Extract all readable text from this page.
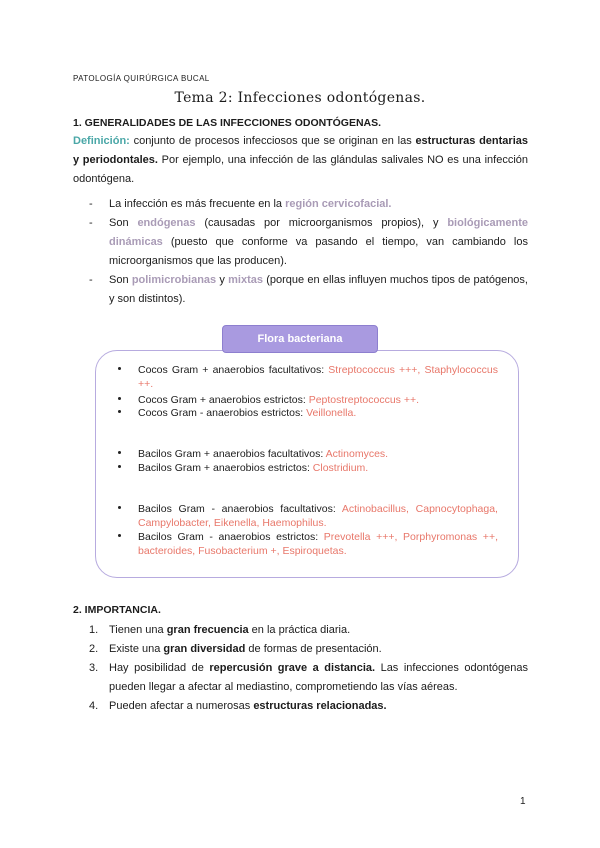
PATOLOGÍA QUIRÚRGICA BUCAL
Tema 2: Infecciones odontógenas.
1. GENERALIDADES DE LAS INFECCIONES ODONTÓGENAS.
Definición: conjunto de procesos infecciosos que se originan en las estructuras dentarias y periodontales. Por ejemplo, una infección de las glándulas salivales NO es una infección odontógena.
- La infección es más frecuente en la región cervicofacial.
- Son endógenas (causadas por microorganismos propios), y biológicamente dinámicas (puesto que conforme va pasando el tiempo, van cambiando los microorganismos que las producen).
- Son polimicrobianas y mixtas (porque en ellas influyen muchos tipos de patógenos, y son distintos).
Flora bacteriana
Cocos Gram + anaerobios facultativos: Streptococcus +++, Staphylococcus ++.
Cocos Gram + anaerobios estrictos: Peptostreptococcus ++.
Cocos Gram - anaerobios estrictos: Veillonella.
Bacilos Gram + anaerobios facultativos: Actinomyces.
Bacilos Gram + anaerobios estrictos: Clostridium.
Bacilos Gram - anaerobios facultativos: Actinobacillus, Capnocytophaga, Campylobacter, Eikenella, Haemophilus.
Bacilos Gram - anaerobios estrictos: Prevotella +++, Porphyromonas ++, bacteroides, Fusobacterium +, Espiroquetas.
2. IMPORTANCIA.
1. Tienen una gran frecuencia en la práctica diaria.
2. Existe una gran diversidad de formas de presentación.
3. Hay posibilidad de repercusión grave a distancia. Las infecciones odontógenas pueden llegar a afectar al mediastino, comprometiendo las vías aéreas.
4. Pueden afectar a numerosas estructuras relacionadas.
1
